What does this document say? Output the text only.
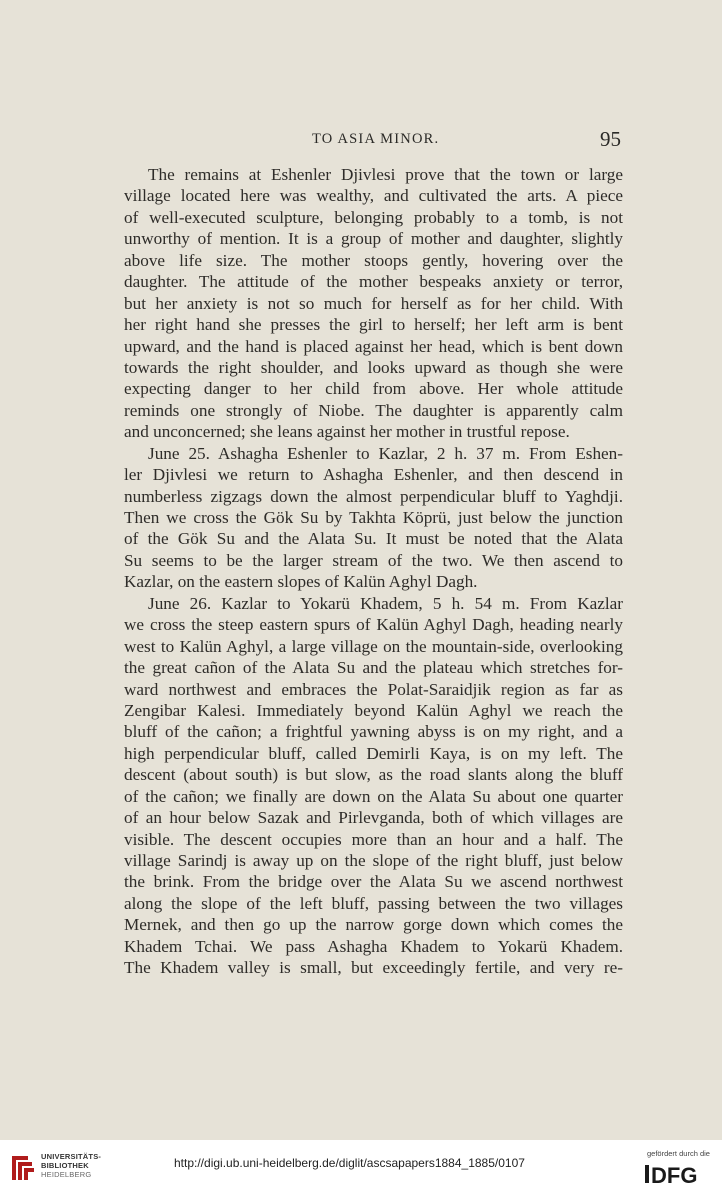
TO ASIA MINOR.	95
The remains at Eshenler Djivlesi prove that the town or large
village located here was wealthy, and cultivated the arts. A piece
of well-executed sculpture, belonging probably to a tomb, is not
unworthy of mention. It is a group of mother and daughter, slightly
above life size. The mother stoops gently, hovering over the
daughter. The attitude of the mother bespeaks anxiety or terror,
but her anxiety is not so much for herself as for her child. With
her right hand she presses the girl to herself; her left arm is bent
upward, and the hand is placed against her head, which is bent down
towards the right shoulder, and looks upward as though she were
expecting danger to her child from above. Her whole attitude
reminds one strongly of Niobe. The daughter is apparently calm
and unconcerned; she leans against her mother in trustful repose.
June 25. Ashagha Eshenler to Kazlar, 2 h. 37 m. From Eshen-
ler Djivlesi we return to Ashagha Eshenler, and then descend in
numberless zigzags down the almost perpendicular bluff to Yaghdji.
Then we cross the Gök Su by Takhta Köprü, just below the junction
of the Gök Su and the Alata Su. It must be noted that the Alata
Su seems to be the larger stream of the two. We then ascend to
Kazlar, on the eastern slopes of Kalün Aghyl Dagh.
June 26. Kazlar to Yokarü Khadem, 5 h. 54 m. From Kazlar
we cross the steep eastern spurs of Kalün Aghyl Dagh, heading nearly
west to Kalün Aghyl, a large village on the mountain-side, overlooking
the great cañon of the Alata Su and the plateau which stretches for-
ward northwest and embraces the Polat-Saraidjik region as far as
Zengibar Kalesi. Immediately beyond Kalün Aghyl we reach the
bluff of the cañon; a frightful yawning abyss is on my right, and a
high perpendicular bluff, called Demirli Kaya, is on my left. The
descent (about south) is but slow, as the road slants along the bluff
of the cañon; we finally are down on the Alata Su about one quarter
of an hour below Sazak and Pirlevganda, both of which villages are
visible. The descent occupies more than an hour and a half. The
village Sarindj is away up on the slope of the right bluff, just below
the brink. From the bridge over the Alata Su we ascend northwest
along the slope of the left bluff, passing between the two villages
Mernek, and then go up the narrow gorge down which comes the
Khadem Tchai. We pass Ashagha Khadem to Yokarü Khadem.
The Khadem valley is small, but exceedingly fertile, and very re-
UNIVERSITÄTS-
BIBLIOTHEK
HEIDELBERG
http://digi.ub.uni-heidelberg.de/diglit/ascsapapers1884_1885/0107
gefördert durch die
DFG
